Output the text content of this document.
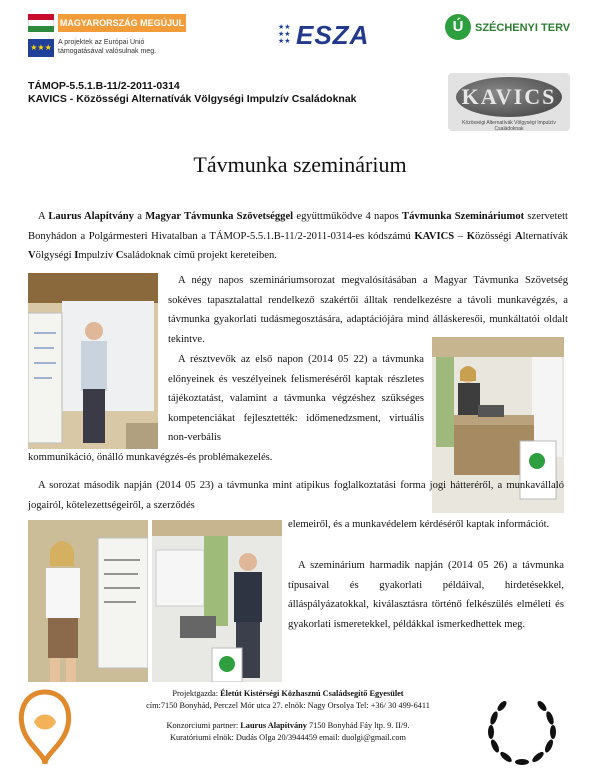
MAGYARORSZÁG MEGÚJUL
★★★
A projektek az Európai Unió támogatásával valósulnak meg.
★★
★★
★★ ESZA	Ú	SZÉCHENYI TERV
TÁMOP-5.5.1.B-11/2-2011-0314
KAVICS - Közösségi Alternatívák Völgységi Impulzív Családoknak	KAVICS
Közösségi Alternatívák Völgységi Impulzív Családoknak
Távmunka szeminárium
A Laurus Alapítvány a Magyar Távmunka Szövetséggel együttműködve 4 napos Távmunka Szemináriumot szervetett Bonyhádon a Polgármesteri Hivatalban a TÁMOP-5.5.1.B-11/2-2011-0314-es kódszámú KAVICS – Közösségi Alternatívák Völgységi Impulzív Családoknak című projekt kereteiben.
A négy napos szemináriumsorozat megvalósításában a Magyar Távmunka Szövetség sokéves tapasztalattal rendelkező szakértői álltak rendelkezésre a távoli munkavégzés, a távmunka gyakorlati tudásmegosztására, adaptációjára mind álláskeresői, munkáltatói oldalt tekintve.
A résztvevők az első napon (2014 05 22) a távmunka előnyeinek és veszélyeinek felismeréséről kaptak részletes tájékoztatást, valamint a távmunka végzéshez szükséges kompetenciákat fejlesztették: időmenedzsment, virtuális non-verbális
kommunikáció, önálló munkavégzés-és problémakezelés.
A sorozat második napján (2014 05 23) a távmunka mint atipikus foglalkoztatási forma jogi hátteréről, a munkavállaló jogairól, kötelezettségeiről, a szerződés
elemeiről, és a munkavédelem kérdéséről kaptak információt.
A szeminárium harmadik napján (2014 05 26) a távmunka típusaival és gyakorlati példáival, hirdetésekkel, álláspályázatokkal, kiválasztásra történő felkészülés elméleti és gyakorlati ismeretekkel, példákkal ismerkedhettek meg.
Projektgazda: Életút Kistérségi Közhasznú Családsegítő Egyesület
cím:7150 Bonyhád, Perczel Mór utca 27. elnök: Nagy Orsolya Tel: +36/ 30 499-6411
Konzorciumi partner: Laurus Alapítvány 7150 Bonyhád Fáy ltp. 9. II/9.
Kuratóriumi elnök: Dudás Olga 20/3944459 email: duolgi@gmail.com
